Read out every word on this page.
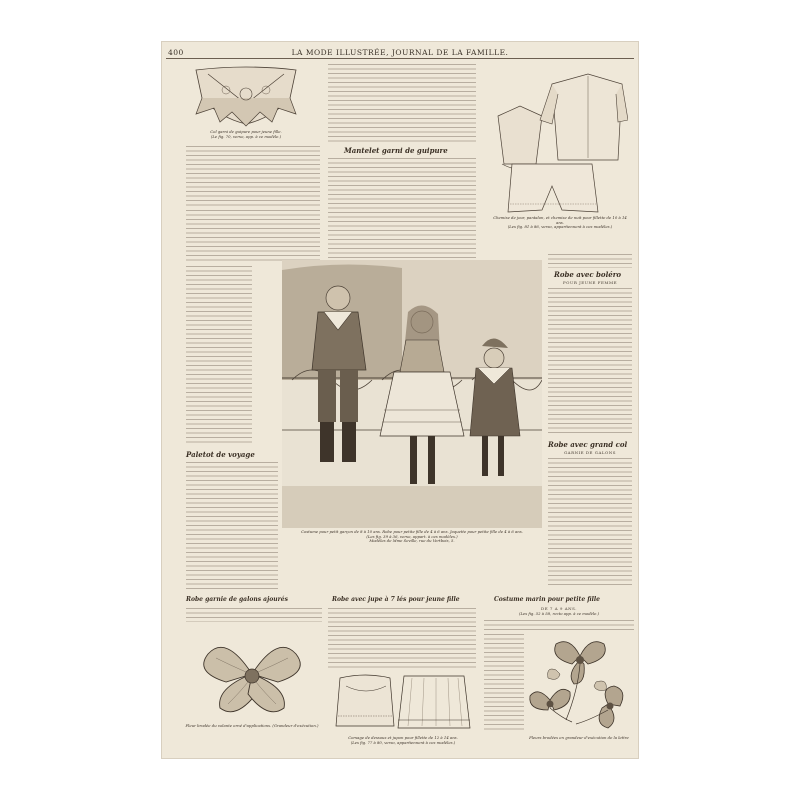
400	LA MODE ILLUSTRÉE, JOURNAL DE LA FAMILLE.
Col garni de guipure pour jeune fille.
(Le fig. 70, verso, app. à ce modèle.)
Mantelet garni de guipure
Chemise de jour, pantalon, et chemise de nuit pour fillette de 10 à 14 ans.
(Les fig. 81 à 86, verso, appartiennent à ces modèles.)
Costume pour petit garçon de 8 à 10 ans. Robe pour petite fille de 4 à 6 ans. Jaquette pour petite fille de 4 à 6 ans.
(Les fig. 39 à 36, verso, appart. à ces modèles.)
Modèles de Mme Seville, rue du Vertbois, 5.
Robe avec boléro
POUR JEUNE FEMME
Robe avec grand col
GARNIE DE GALONS
Paletot de voyage
Robe garnie de galons ajourés
Fleur brodée du volante orné d'applications. (Grandeur d'exécution.)
Robe avec jupe à 7 lés pour jeune fille
Corsage de dessous et jupon pour fillette de 12 à 14 ans.
(Les fig. 77 à 80, verso, appartiennent à ces modèles.)
Costume marin pour petite fille
DE 7 A 9 ANS.
(Les fig. 52 à 58, recto app. à ce modèle.)
Fleurs brodées en grandeur d'exécution de la lettre
